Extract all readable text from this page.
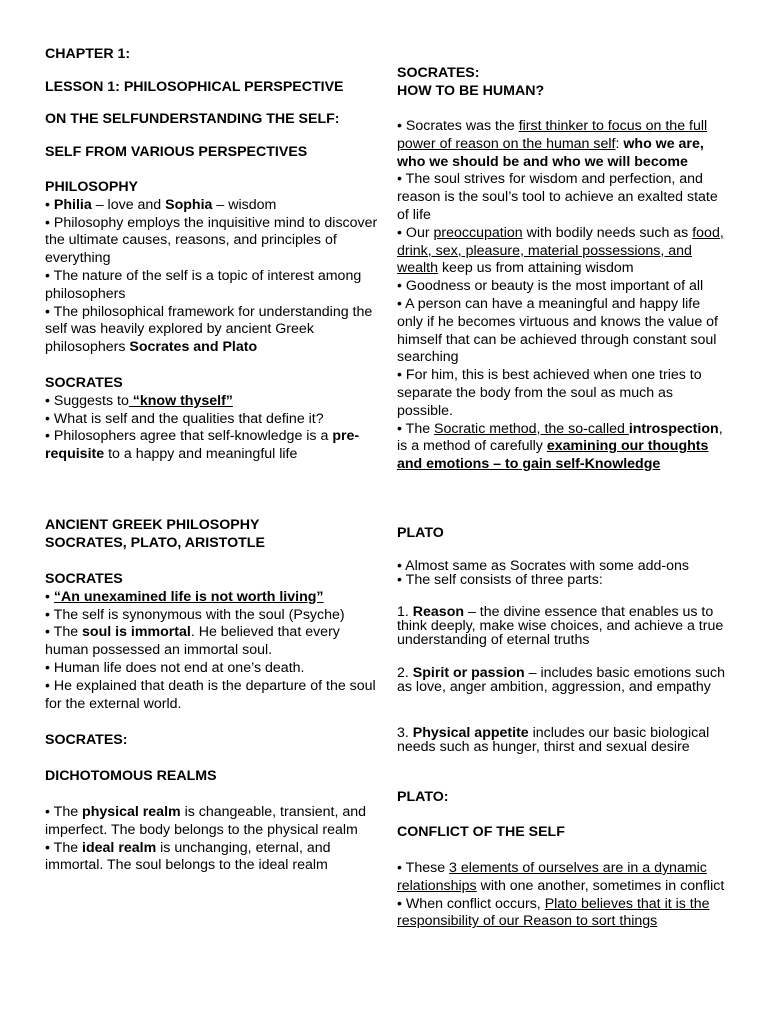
CHAPTER 1:

LESSON 1: PHILOSOPHICAL PERSPECTIVE

ON THE SELFUNDERSTANDING THE SELF:

SELF FROM VARIOUS PERSPECTIVES

PHILOSOPHY

• Philia – love and Sophia – wisdom

• Philosophy employs the inquisitive mind to discover the ultimate causes, reasons, and principles of everything

• The nature of the self is a topic of interest among philosophers

• The philosophical framework for understanding the self was heavily explored by ancient Greek philosophers Socrates and Plato

SOCRATES

• Suggests to “know thyself”

• What is self and the qualities that define it?

• Philosophers agree that self-knowledge is a pre-requisite to a happy and meaningful life

ANCIENT GREEK PHILOSOPHY

SOCRATES, PLATO, ARISTOTLE

SOCRATES

• “An unexamined life is not worth living”

• The self is synonymous with the soul (Psyche)

• The soul is immortal. He believed that every human possessed an immortal soul.

• Human life does not end at one’s death.

• He explained that death is the departure of the soul for the external world.

SOCRATES:

DICHOTOMOUS REALMS

• The physical realm is changeable, transient, and imperfect. The body belongs to the physical realm

• The ideal realm is unchanging, eternal, and immortal. The soul belongs to the ideal realm

SOCRATES:

HOW TO BE HUMAN?

• Socrates was the first thinker to focus on the full power of reason on the human self: who we are, who we should be and who we will become

• The soul strives for wisdom and perfection, and reason is the soul’s tool to achieve an exalted state of life

• Our preoccupation with bodily needs such as food, drink, sex, pleasure, material possessions, and wealth keep us from attaining wisdom

• Goodness or beauty is the most important of all

• A person can have a meaningful and happy life only if he becomes virtuous and knows the value of himself that can be achieved through constant soul searching

• For him, this is best achieved when one tries to separate the body from the soul as much as possible.

• The Socratic method, the so-called introspection, is a method of carefully examining our thoughts and emotions – to gain self-Knowledge

PLATO

• Almost same as Socrates with some add-ons

• The self consists of three parts:

1. Reason – the divine essence that enables us to think deeply, make wise choices, and achieve a true understanding of eternal truths

2. Spirit or passion – includes basic emotions such as love, anger ambition, aggression, and empathy

3. Physical appetite includes our basic biological needs such as hunger, thirst and sexual desire

PLATO:

CONFLICT OF THE SELF

• These 3 elements of ourselves are in a dynamic relationships with one another, sometimes in conflict

• When conflict occurs, Plato believes that it is the responsibility of our Reason to sort things
